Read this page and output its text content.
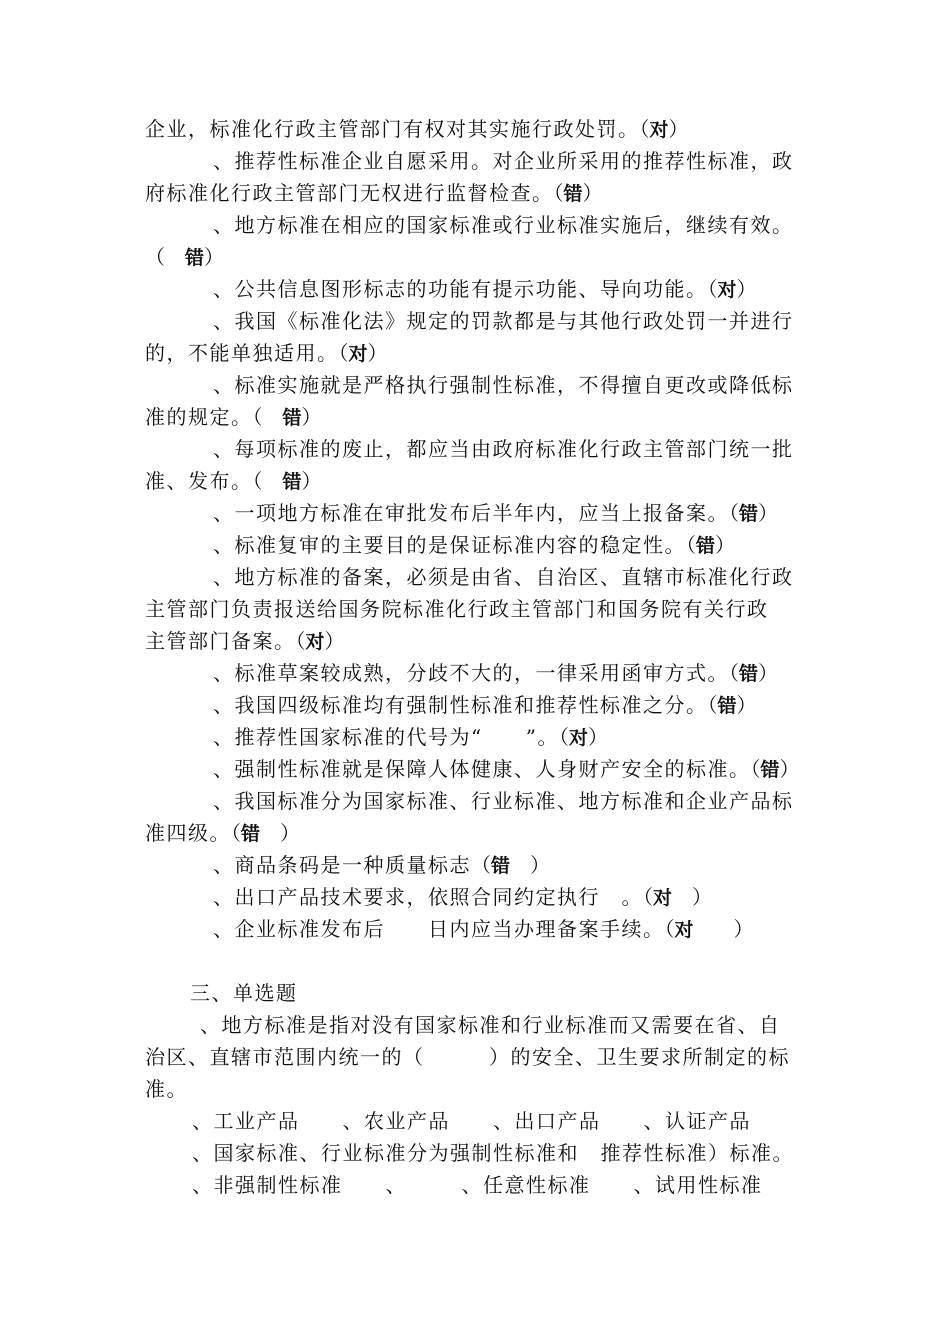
企业，标准化行政主管部门有权对其实施行政处罚。（对）
、推荐性标准企业自愿采用。对企业所采用的推荐性标准，政
府标准化行政主管部门无权进行监督检查。（错）
、地方标准在相应的国家标准或行业标准实施后，继续有效。
（ 错）
、公共信息图形标志的功能有提示功能、导向功能。（对）
、我国《标准化法》规定的罚款都是与其他行政处罚一并进行
的，不能单独适用。（对）
、标准实施就是严格执行强制性标准，不得擅自更改或降低标
准的规定。（ 错）
、每项标准的废止，都应当由政府标准化行政主管部门统一批
准、发布。（ 错）
、一项地方标准在审批发布后半年内，应当上报备案。（错）
、标准复审的主要目的是保证标准内容的稳定性。（错）
、地方标准的备案，必须是由省、自治区、直辖市标准化行政
主管部门负责报送给国务院标准化行政主管部门和国务院有关行政
主管部门备案。（对）
、标准草案较成熟，分歧不大的，一律采用函审方式。（错）
、我国四级标准均有强制性标准和推荐性标准之分。（错）
、推荐性国家标准的代号为“　　”。（对）
、强制性标准就是保障人体健康、人身财产安全的标准。（错）
、我国标准分为国家标准、行业标准、地方标准和企业产品标
准四级。（错　）
、商品条码是一种质量标志（错　）
、出口产品技术要求，依照合同约定执行　。（对　）
、企业标准发布后　　日内应当办理备案手续。（对　　）
三、单选题
、地方标准是指对没有国家标准和行业标准而又需要在省、自
治区、直辖市范围内统一的（　　　）的安全、卫生要求所制定的标
准。
、工业产品　　、农业产品　　、出口产品　　、认证产品
、国家标准、行业标准分为强制性标准和　推荐性标准）标准。
、非强制性标准　　、　　　、任意性标准　　、试用性标准
